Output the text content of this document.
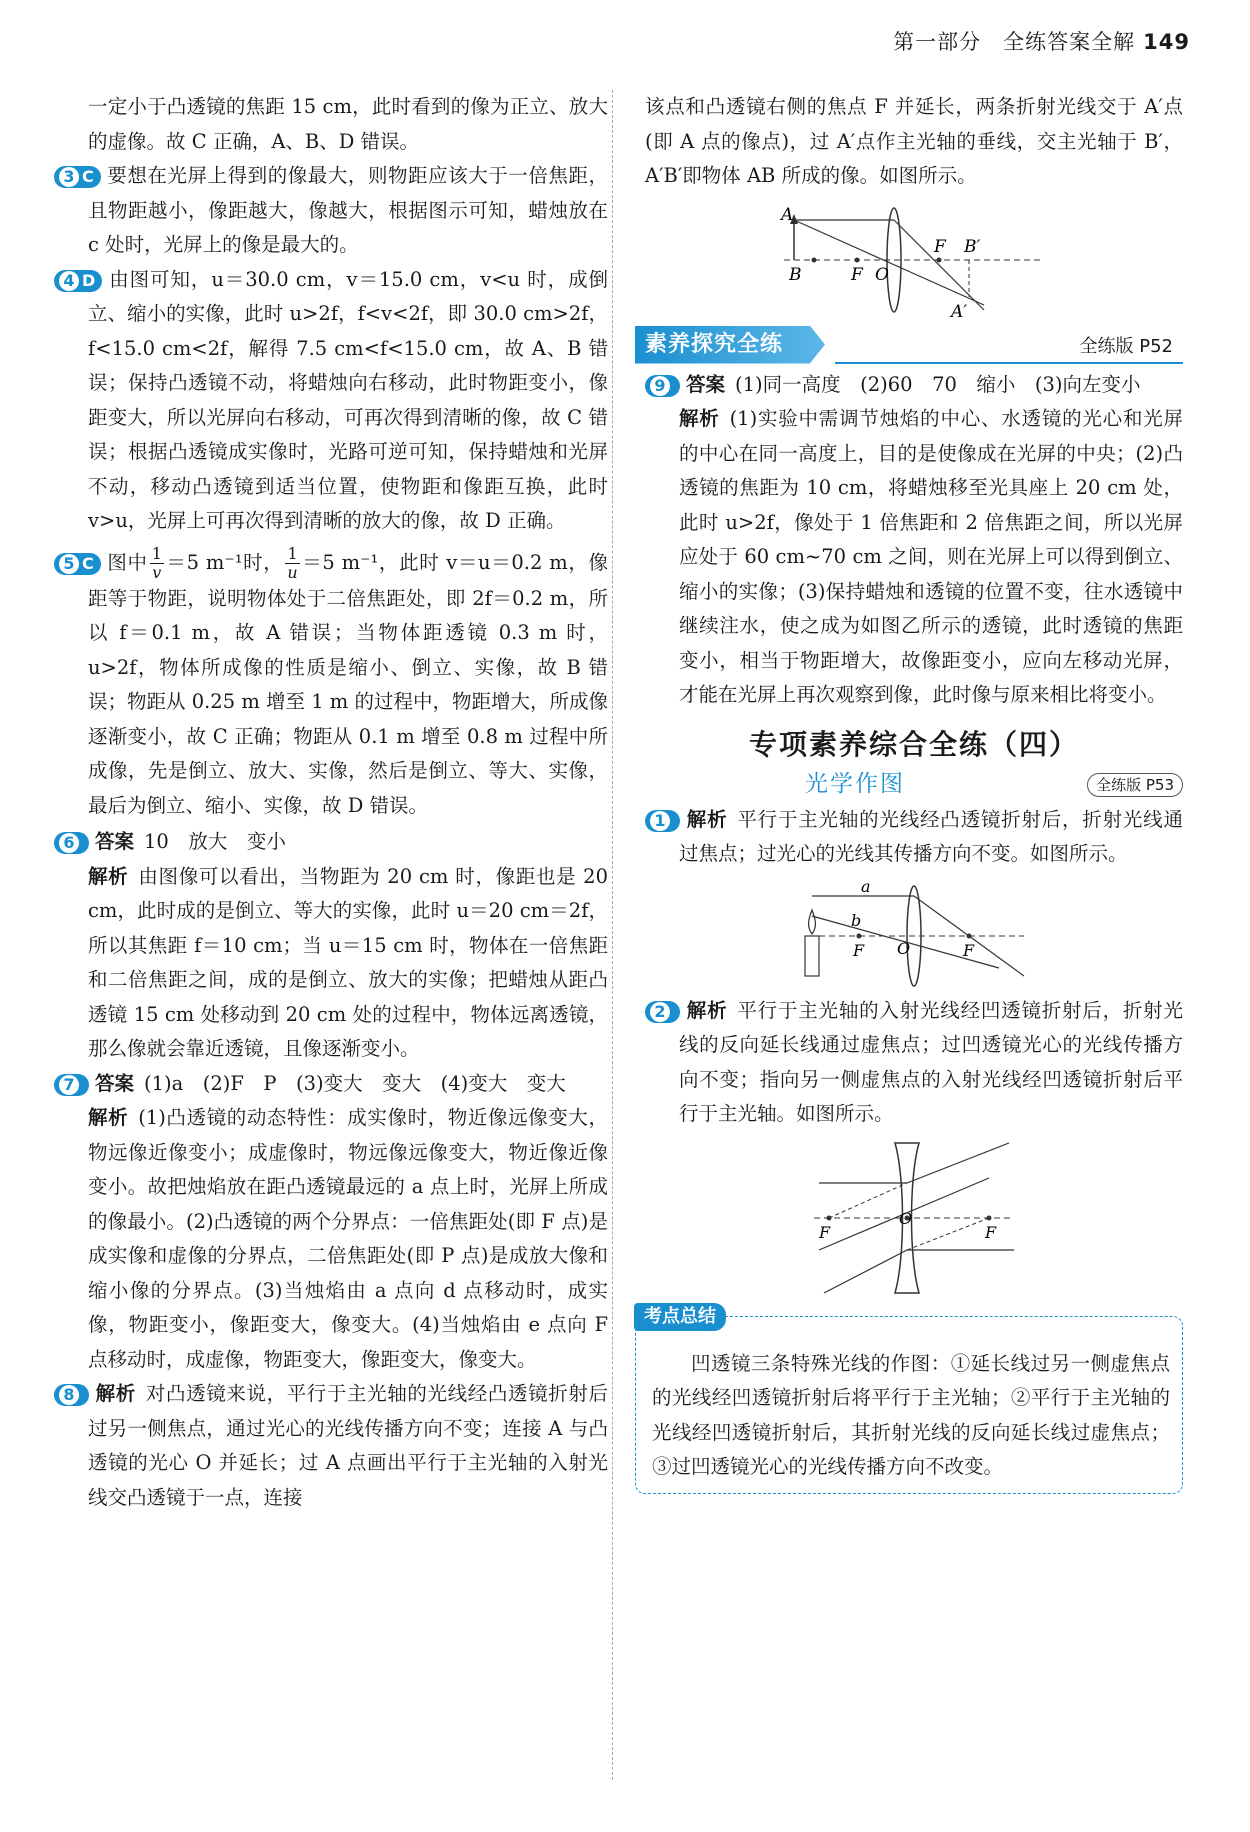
第一部分　全练答案全解 149

一定小于凸透镜的焦距 15 cm，此时看到的像为正立、放大的虚像。故 C 正确，A、B、D 错误。

3 C 要想在光屏上得到的像最大，则物距应该大于一倍焦距，且物距越小，像距越大，像越大，根据图示可知，蜡烛放在 c 处时，光屏上的像是最大的。

4 D 由图可知，u＝30.0 cm，v＝15.0 cm，v<u 时，成倒立、缩小的实像，此时 u>2f，f<v<2f，即 30.0 cm>2f，f<15.0 cm<2f，解得 7.5 cm<f<15.0 cm，故 A、B 错误；保持凸透镜不动，将蜡烛向右移动，此时物距变小，像距变大，所以光屏向右移动，可再次得到清晰的像，故 C 错误；根据凸透镜成实像时，光路可逆可知，保持蜡烛和光屏不动，移动凸透镜到适当位置，使物距和像距互换，此时 v>u，光屏上可再次得到清晰的放大的像，故 D 正确。

5 C 图中 $\frac{1}{v} =5$ m⁻¹时， $\frac{1}{u} =5$ m⁻¹，此时 v＝u＝0.2 m，像距等于物距，说明物体处于二倍焦距处，即 2f＝0.2 m，所以 f＝0.1 m，故 A 错误；当物体距透镜 0.3 m 时，u>2f，物体所成像的性质是缩小、倒立、实像，故 B 错误；物距从 0.25 m 增至 1 m 的过程中，物距增大，所成像逐渐变小，故 C 正确；物距从 0.1 m 增至 0.8 m 过程中所成像，先是倒立、放大、实像，然后是倒立、等大、实像，最后为倒立、缩小、实像，故 D 错误。

6 答案 10　放大　变小

解析 由图像可以看出，当物距为 20 cm 时，像距也是 20 cm，此时成的是倒立、等大的实像，此时 u＝20 cm＝2f，所以其焦距 f＝10 cm；当 u＝15 cm 时，物体在一倍焦距和二倍焦距之间，成的是倒立、放大的实像；把蜡烛从距凸透镜 15 cm 处移动到 20 cm 处的过程中，物体远离透镜，那么像就会靠近透镜，且像逐渐变小。

7 答案 (1)a　(2)F　P　(3)变大　变大　(4)变大　变大

解析 (1)凸透镜的动态特性：成实像时，物近像远像变大，物远像近像变小；成虚像时，物远像远像变大，物近像近像变小。故把烛焰放在距凸透镜最远的 a 点上时，光屏上所成的像最小。(2)凸透镜的两个分界点：一倍焦距处(即 F 点)是成实像和虚像的分界点，二倍焦距处(即 P 点)是成放大像和缩小像的分界点。(3)当烛焰由 a 点向 d 点移动时，成实像，物距变小，像距变大，像变大。(4)当烛焰由 e 点向 F 点移动时，成虚像，物距变大，像距变大，像变大。

8 解析 对凸透镜来说，平行于主光轴的光线经凸透镜折射后过另一侧焦点，通过光心的光线传播方向不变；连接 A 与凸透镜的光心 O 并延长；过 A 点画出平行于主光轴的入射光线交凸透镜于一点，连接

该点和凸透镜右侧的焦点 F 并延长，两条折射光线交于 A′点(即 A 点的像点)，过 A′点作主光轴的垂线，交主光轴于 B′，A′B′即物体 AB 所成的像。如图所示。

A
B	F O
F B′
A′
素养探究全练	全练版 P52

9 答案 (1)同一高度　(2)60　70　缩小　(3)向左变小

解析 (1)实验中需调节烛焰的中心、水透镜的光心和光屏的中心在同一高度上，目的是使像成在光屏的中央；(2)凸透镜的焦距为 10 cm，将蜡烛移至光具座上 20 cm 处，此时 u>2f，像处于 1 倍焦距和 2 倍焦距之间，所以光屏应处于 60 cm~70 cm 之间，则在光屏上可以得到倒立、缩小的实像；(3)保持蜡烛和透镜的位置不变，往水透镜中继续注水，使之成为如图乙所示的透镜，此时透镜的焦距变小，相当于物距增大，故像距变小，应向左移动光屏，才能在光屏上再次观察到像，此时像与原来相比将变小。

专项素养综合全练（四）
光学作图	全练版 P53

1 解析 平行于主光轴的光线经凸透镜折射后，折射光线通过焦点；过光心的光线其传播方向不变。如图所示。

a
b
F O	F

2 解析 平行于主光轴的入射光线经凹透镜折射后，折射光线的反向延长线通过虚焦点；过凹透镜光心的光线传播方向不变；指向另一侧虚焦点的入射光线经凹透镜折射后平行于主光轴。如图所示。

F
O
F
考点总结

凹透镜三条特殊光线的作图：①延长线过另一侧虚焦点的光线经凹透镜折射后将平行于主光轴；②平行于主光轴的光线经凹透镜折射后，其折射光线的反向延长线过虚焦点；③过凹透镜光心的光线传播方向不改变。
